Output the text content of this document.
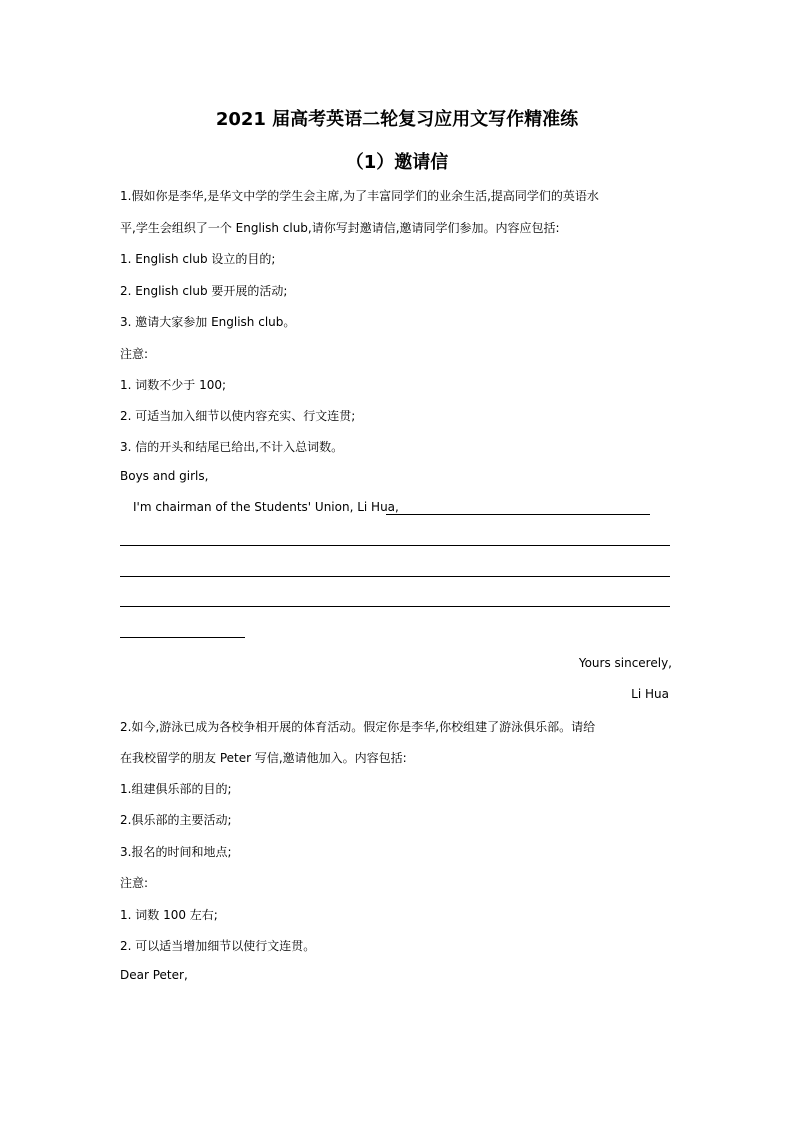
2021 届高考英语二轮复习应用文写作精准练
（1）邀请信
1.假如你是李华,是华文中学的学生会主席,为了丰富同学们的业余生活,提高同学们的英语水
平,学生会组织了一个 English club,请你写封邀请信,邀请同学们参加。内容应包括:
1. English club 设立的目的;
2. English club 要开展的活动;
3. 邀请大家参加 English club。
注意:
1. 词数不少于 100;
2. 可适当加入细节以使内容充实、行文连贯;
3. 信的开头和结尾已给出,不计入总词数。
Boys and girls,
I'm chairman of the Students' Union, Li Hua,
Yours sincerely,
Li Hua
2.如今,游泳已成为各校争相开展的体育活动。假定你是李华,你校组建了游泳俱乐部。请给
在我校留学的朋友 Peter 写信,邀请他加入。内容包括:
1.组建俱乐部的目的;
2.俱乐部的主要活动;
3.报名的时间和地点;
注意:
1. 词数 100 左右;
2. 可以适当增加细节以使行文连贯。
Dear Peter,
